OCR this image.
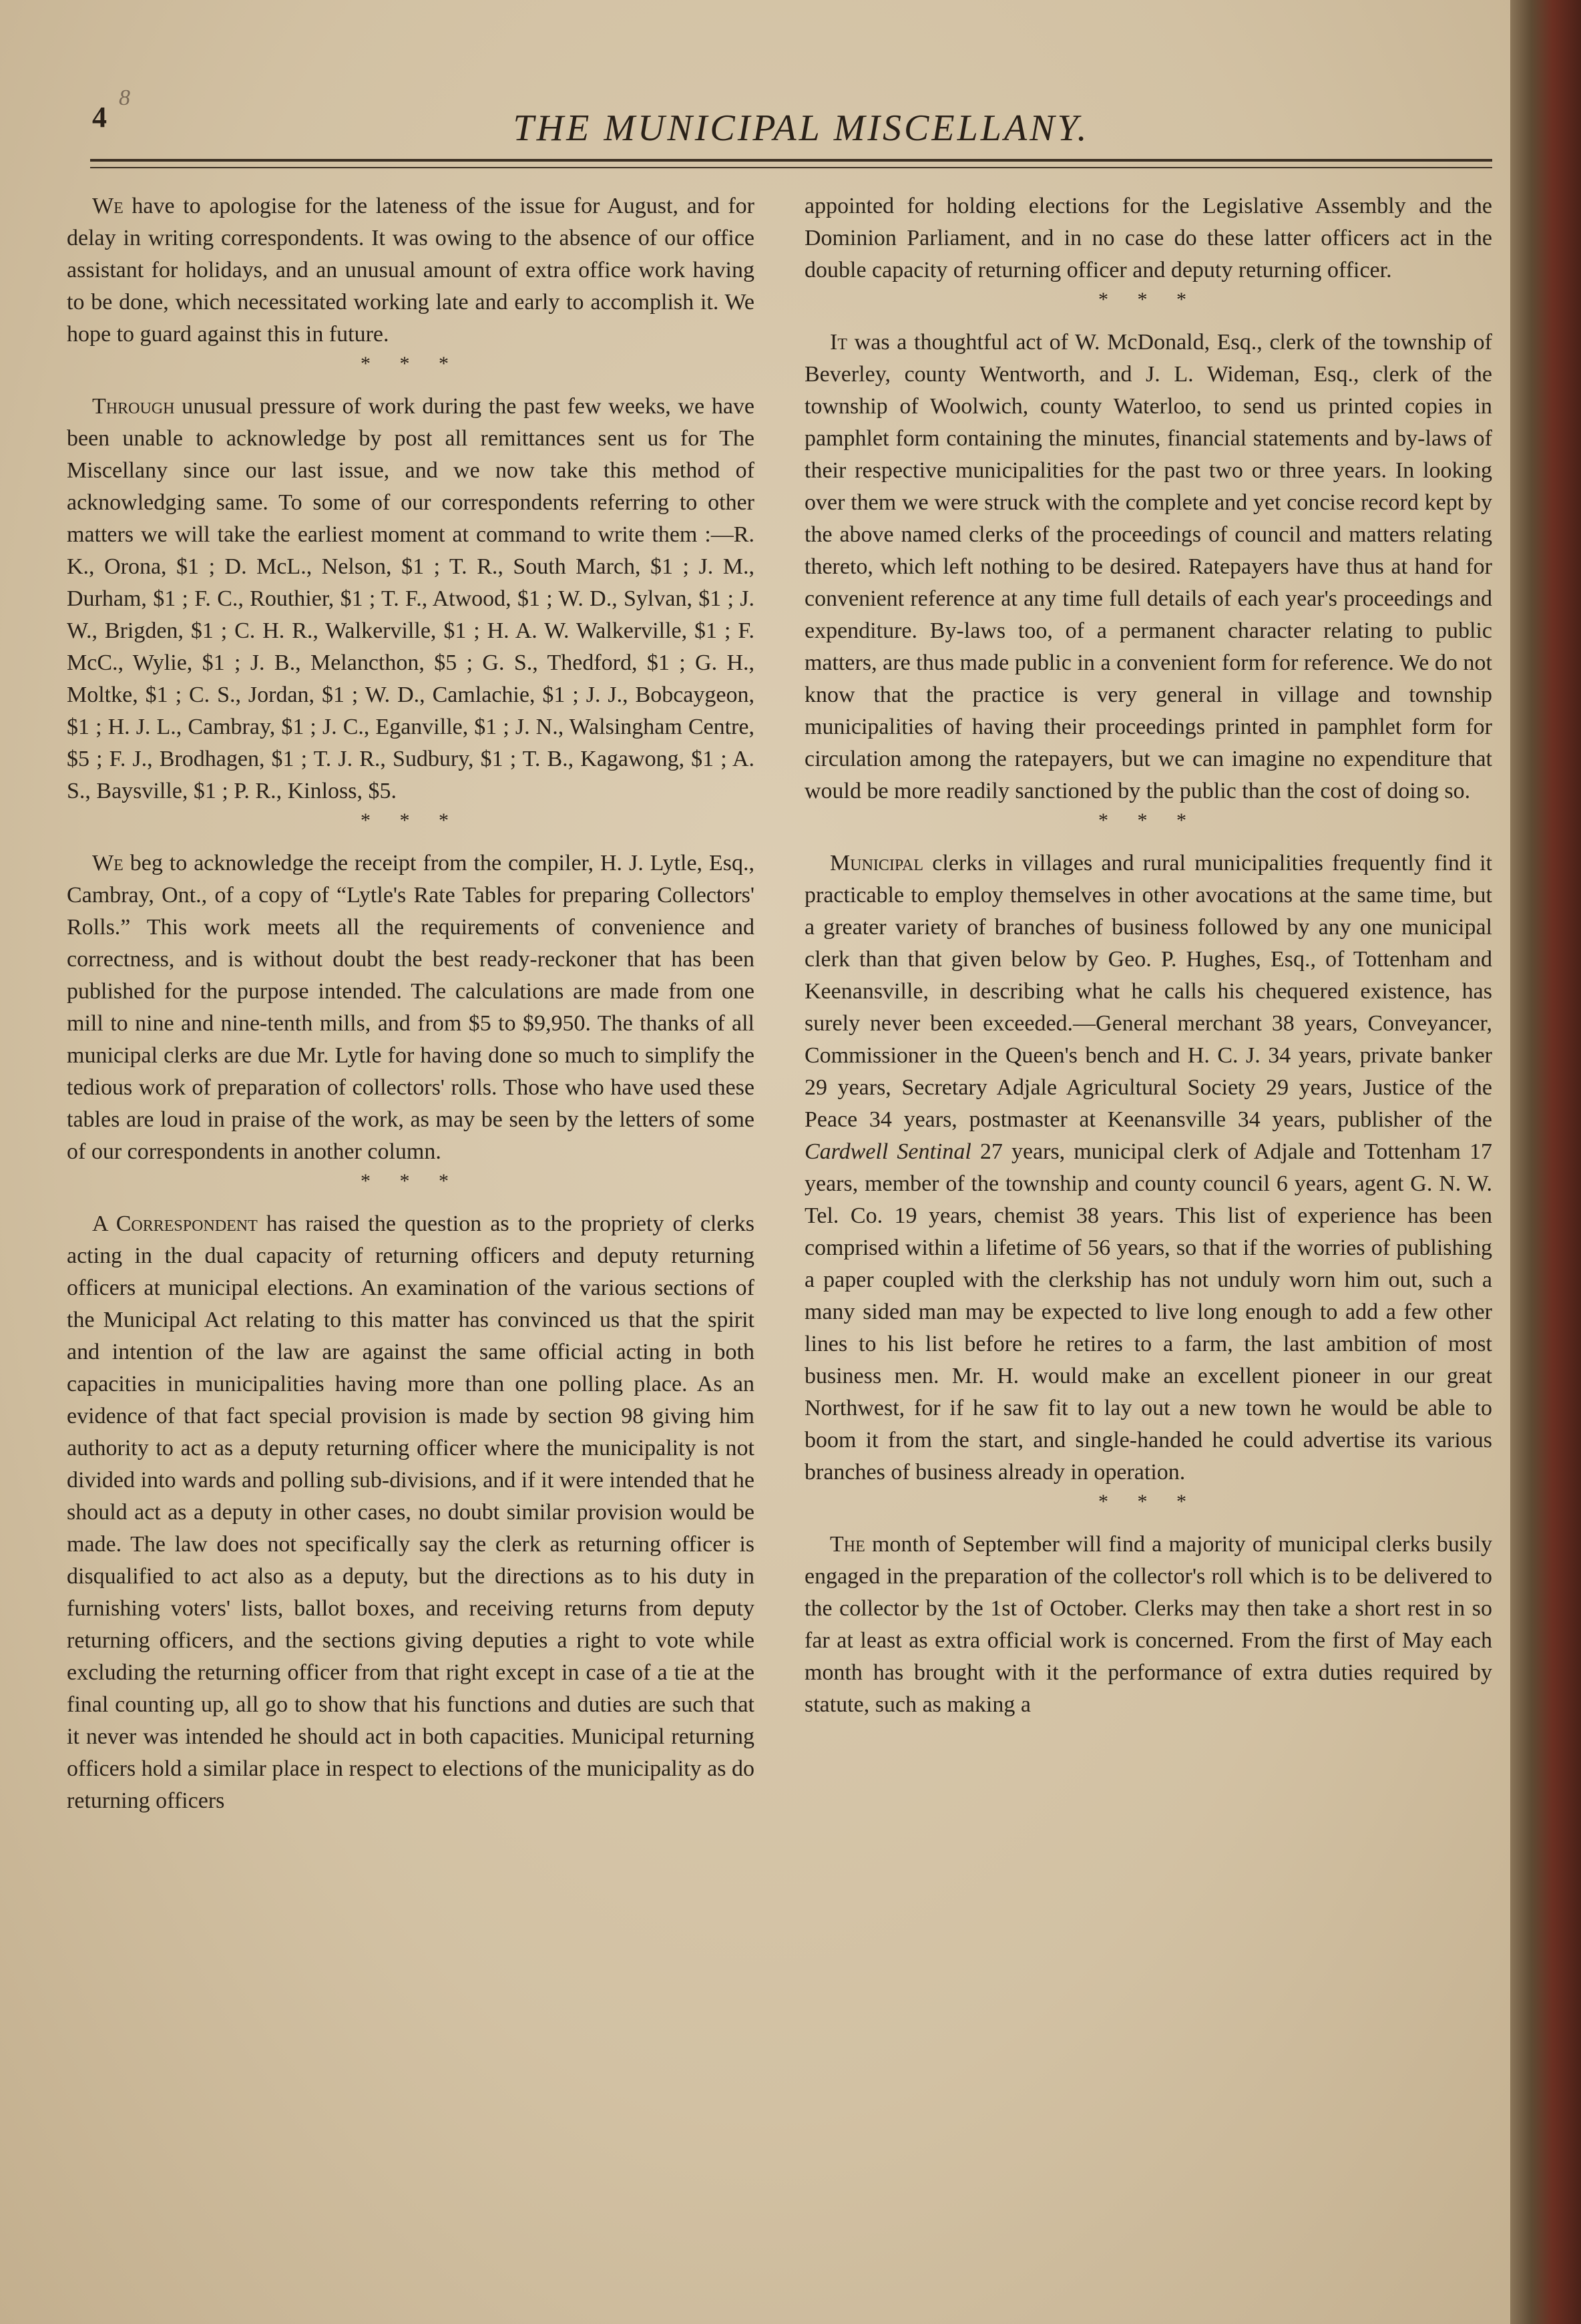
4
8
THE MUNICIPAL MISCELLANY.

We have to apologise for the lateness of the issue for August, and for delay in writing correspondents. It was owing to the absence of our office assistant for holidays, and an unusual amount of extra office work having to be done, which necessitated working late and early to accomplish it. We hope to guard against this in future.

* * *

Through unusual pressure of work during the past few weeks, we have been unable to acknowledge by post all remittances sent us for The Miscellany since our last issue, and we now take this method of acknowledging same. To some of our correspondents referring to other matters we will take the earliest moment at command to write them :—R. K., Orona, $1 ; D. McL., Nelson, $1 ; T. R., South March, $1 ; J. M., Durham, $1 ; F. C., Routhier, $1 ; T. F., Atwood, $1 ; W. D., Sylvan, $1 ; J. W., Brigden, $1 ; C. H. R., Walkerville, $1 ; H. A. W. Walkerville, $1 ; F. McC., Wylie, $1 ; J. B., Melancthon, $5 ; G. S., Thedford, $1 ; G. H., Moltke, $1 ; C. S., Jordan, $1 ; W. D., Camlachie, $1 ; J. J., Bobcaygeon, $1 ; H. J. L., Cambray, $1 ; J. C., Eganville, $1 ; J. N., Walsingham Centre, $5 ; F. J., Brodhagen, $1 ; T. J. R., Sudbury, $1 ; T. B., Kagawong, $1 ; A. S., Baysville, $1 ; P. R., Kinloss, $5.

* * *

We beg to acknowledge the receipt from the compiler, H. J. Lytle, Esq., Cambray, Ont., of a copy of “Lytle's Rate Tables for preparing Collectors' Rolls.” This work meets all the requirements of convenience and correctness, and is without doubt the best ready-reckoner that has been published for the purpose intended. The calculations are made from one mill to nine and nine-tenth mills, and from $5 to $9,950. The thanks of all municipal clerks are due Mr. Lytle for having done so much to simplify the tedious work of preparation of collectors' rolls. Those who have used these tables are loud in praise of the work, as may be seen by the letters of some of our correspondents in another column.

* * *

A Correspondent has raised the question as to the propriety of clerks acting in the dual capacity of returning officers and deputy returning officers at municipal elections. An examination of the various sections of the Municipal Act relating to this matter has convinced us that the spirit and intention of the law are against the same official acting in both capacities in municipalities having more than one polling place. As an evidence of that fact special provision is made by section 98 giving him authority to act as a deputy returning officer where the municipality is not divided into wards and polling sub-divisions, and if it were intended that he should act as a deputy in other cases, no doubt similar provision would be made. The law does not specifically say the clerk as returning officer is disqualified to act also as a deputy, but the directions as to his duty in furnishing voters' lists, ballot boxes, and receiving returns from deputy returning officers, and the sections giving deputies a right to vote while excluding the returning officer from that right except in case of a tie at the final counting up, all go to show that his functions and duties are such that it never was intended he should act in both capacities. Municipal returning officers hold a similar place in respect to elections of the municipality as do returning officers

appointed for holding elections for the Legislative Assembly and the Dominion Parliament, and in no case do these latter officers act in the double capacity of returning officer and deputy returning officer.

* * *

It was a thoughtful act of W. McDonald, Esq., clerk of the township of Beverley, county Wentworth, and J. L. Wideman, Esq., clerk of the township of Woolwich, county Waterloo, to send us printed copies in pamphlet form containing the minutes, financial statements and by-laws of their respective municipalities for the past two or three years. In looking over them we were struck with the complete and yet concise record kept by the above named clerks of the proceedings of council and matters relating thereto, which left nothing to be desired. Ratepayers have thus at hand for convenient reference at any time full details of each year's proceedings and expenditure. By-laws too, of a permanent character relating to public matters, are thus made public in a convenient form for reference. We do not know that the practice is very general in village and township municipalities of having their proceedings printed in pamphlet form for circulation among the ratepayers, but we can imagine no expenditure that would be more readily sanctioned by the public than the cost of doing so.

* * *

Municipal clerks in villages and rural municipalities frequently find it practicable to employ themselves in other avocations at the same time, but a greater variety of branches of business followed by any one municipal clerk than that given below by Geo. P. Hughes, Esq., of Tottenham and Keenansville, in describing what he calls his chequered existence, has surely never been exceeded.—General merchant 38 years, Conveyancer, Commissioner in the Queen's bench and H. C. J. 34 years, private banker 29 years, Secretary Adjale Agricultural Society 29 years, Justice of the Peace 34 years, postmaster at Keenansville 34 years, publisher of the Cardwell Sentinal 27 years, municipal clerk of Adjale and Tottenham 17 years, member of the township and county council 6 years, agent G. N. W. Tel. Co. 19 years, chemist 38 years. This list of experience has been comprised within a lifetime of 56 years, so that if the worries of publishing a paper coupled with the clerkship has not unduly worn him out, such a many sided man may be expected to live long enough to add a few other lines to his list before he retires to a farm, the last ambition of most business men. Mr. H. would make an excellent pioneer in our great Northwest, for if he saw fit to lay out a new town he would be able to boom it from the start, and single-handed he could advertise its various branches of business already in operation.

* * *

The month of September will find a majority of municipal clerks busily engaged in the preparation of the collector's roll which is to be delivered to the collector by the 1st of October. Clerks may then take a short rest in so far at least as extra official work is concerned. From the first of May each month has brought with it the performance of extra duties required by statute, such as making a
